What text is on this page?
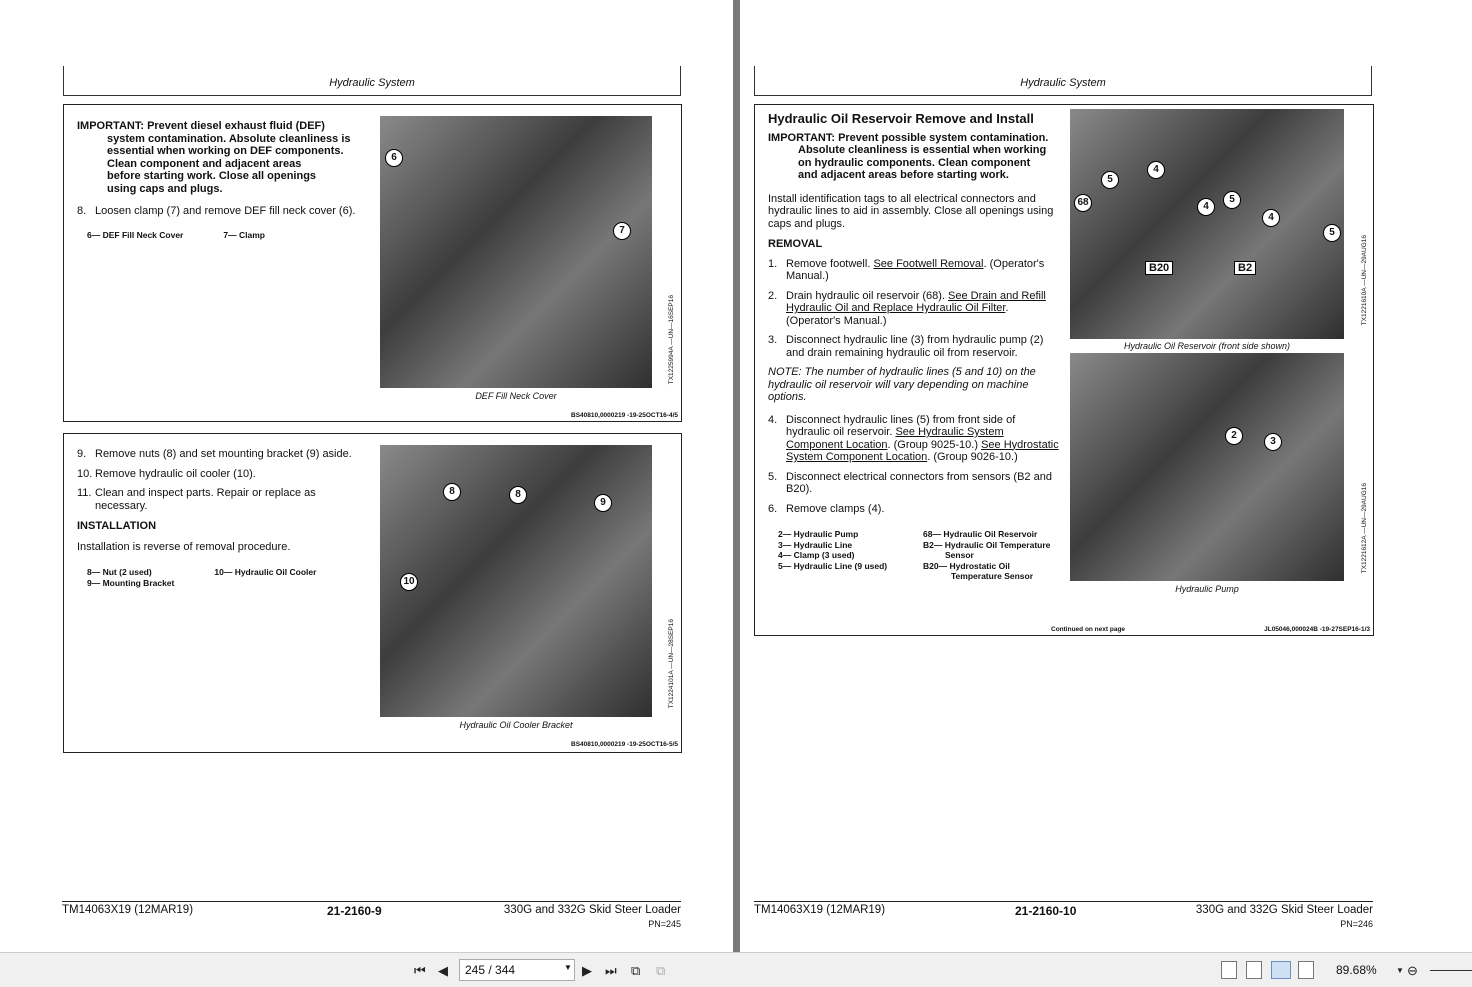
Hydraulic System
IMPORTANT: Prevent diesel exhaust fluid (DEF)
system contamination. Absolute cleanliness is
essential when working on DEF components.
Clean component and adjacent areas
before starting work. Close all openings
using caps and plugs.
8. Loosen clamp (7) and remove DEF fill neck cover (6).
6— DEF Fill Neck Cover	7— Clamp
6
7
TX1225994A —UN—16SEP16
DEF Fill Neck Cover
BS40810,0000219 -19-25OCT16-4/5
9. Remove nuts (8) and set mounting bracket (9) aside.
10. Remove hydraulic oil cooler (10).
11. Clean and inspect parts. Repair or replace as necessary.
INSTALLATION
Installation is reverse of removal procedure.
8— Nut (2 used)
9— Mounting Bracket
10— Hydraulic Oil Cooler
8	8
9
10
TX1224101A —UN—28SEP16
Hydraulic Oil Cooler Bracket
BS40810,0000219 -19-25OCT16-5/5
TM14063X19 (12MAR19)	21-2160-9	330G and 332G Skid Steer Loader
PN=245
Hydraulic System
Hydraulic Oil Reservoir Remove and Install
IMPORTANT: Prevent possible system contamination.
Absolute cleanliness is essential when working
on hydraulic components. Clean component
and adjacent areas before starting work.
Install identification tags to all electrical connectors and hydraulic lines to aid in assembly. Close all openings using caps and plugs.
REMOVAL
1. Remove footwell. See Footwell Removal. (Operator's Manual.)
2. Drain hydraulic oil reservoir (68). See Drain and Refill Hydraulic Oil and Replace Hydraulic Oil Filter. (Operator's Manual.)
3. Disconnect hydraulic line (3) from hydraulic pump (2) and drain remaining hydraulic oil from reservoir.
NOTE: The number of hydraulic lines (5 and 10) on the hydraulic oil reservoir will vary depending on machine options.
4. Disconnect hydraulic lines (5) from front side of hydraulic oil reservoir. See Hydraulic System Component Location. (Group 9025-10.) See Hydrostatic System Component Location. (Group 9026-10.)
5. Disconnect electrical connectors from sensors (B2 and B20).
6. Remove clamps (4).
2— Hydraulic Pump
3— Hydraulic Line
4— Clamp (3 used)
5— Hydraulic Line (9 used)
68— Hydraulic Oil Reservoir
B2— Hydraulic Oil Temperature
Sensor
B20— Hydrostatic Oil
Temperature Sensor
5
4
68	4
5
4
5
B20	B2
Hydraulic Oil Reservoir (front side shown)
TX1221610A —UN—29AUG16
2
3
Hydraulic Pump
TX1221612A —UN—29AUG16
Continued on next page	JL05046,000024B -19-27SEP16-1/3
TM14063X19 (12MAR19)	21-2160-10	330G and 332G Skid Steer Loader
PN=246
⏮ ◀	245 / 344	▼ ▶ ⏭ ⧉ ⧉	89.68% ▼ ⊖
